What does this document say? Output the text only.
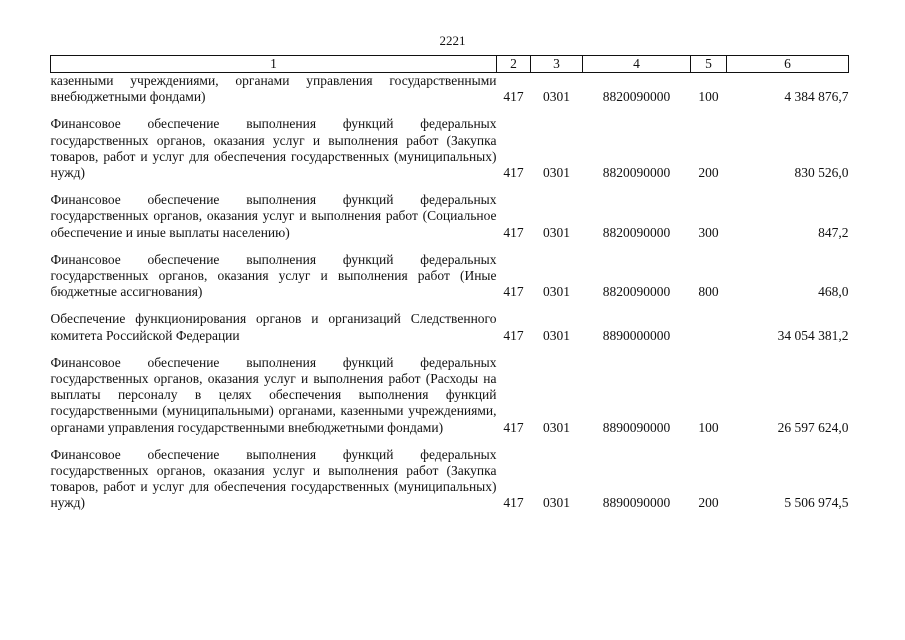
2221
1	2	3	4	5	6
казенными учреждениями, органами управления государственными внебюджетными фондами)	417	0301	8820090000	100	4 384 876,7

Финансовое обеспечение выполнения функций федеральных государственных органов, оказания услуг и выполнения работ (Закупка товаров, работ и услуг для обеспечения государственных (муниципальных) нужд)	417	0301	8820090000	200	830 526,0

Финансовое обеспечение выполнения функций федеральных государственных органов, оказания услуг и выполнения работ (Социальное обеспечение и иные выплаты населению)	417	0301	8820090000	300	847,2

Финансовое обеспечение выполнения функций федеральных государственных органов, оказания услуг и выполнения работ (Иные бюджетные ассигнования)	417	0301	8820090000	800	468,0

Обеспечение функционирования органов и организаций Следственного комитета Российской Федерации	417	0301	8890000000		34 054 381,2

Финансовое обеспечение выполнения функций федеральных государственных органов, оказания услуг и выполнения работ (Расходы на выплаты персоналу в целях обеспечения выполнения функций государственными (муниципальными) органами, казенными учреждениями, органами управления государственными внебюджетными фондами)	417	0301	8890090000	100	26 597 624,0

Финансовое обеспечение выполнения функций федеральных государственных органов, оказания услуг и выполнения работ (Закупка товаров, работ и услуг для обеспечения государственных (муниципальных) нужд)	417	0301	8890090000	200	5 506 974,5
